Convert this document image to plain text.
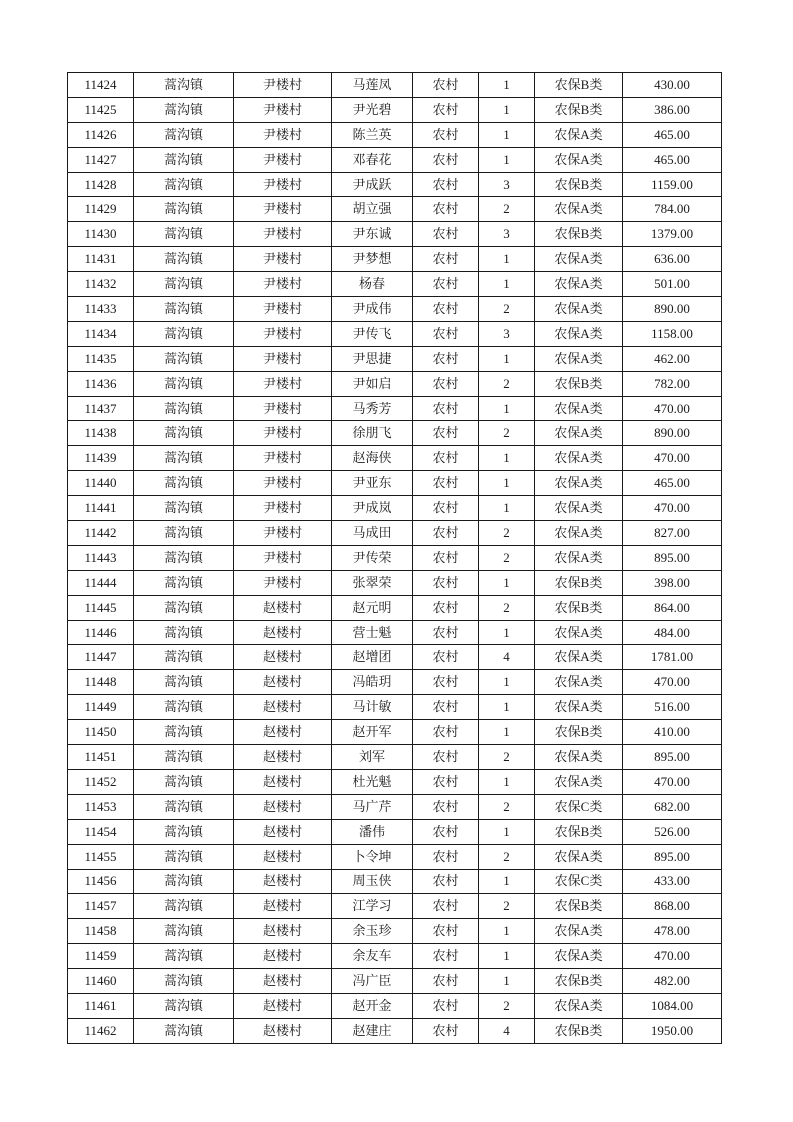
11424	蒿沟镇	尹楼村	马莲凤	农村	1	农保B类	430.00
11425	蒿沟镇	尹楼村	尹光碧	农村	1	农保B类	386.00
11426	蒿沟镇	尹楼村	陈兰英	农村	1	农保A类	465.00
11427	蒿沟镇	尹楼村	邓春花	农村	1	农保A类	465.00
11428	蒿沟镇	尹楼村	尹成跃	农村	3	农保B类	1159.00
11429	蒿沟镇	尹楼村	胡立强	农村	2	农保A类	784.00
11430	蒿沟镇	尹楼村	尹东诚	农村	3	农保B类	1379.00
11431	蒿沟镇	尹楼村	尹梦想	农村	1	农保A类	636.00
11432	蒿沟镇	尹楼村	杨春	农村	1	农保A类	501.00
11433	蒿沟镇	尹楼村	尹成伟	农村	2	农保A类	890.00
11434	蒿沟镇	尹楼村	尹传飞	农村	3	农保A类	1158.00
11435	蒿沟镇	尹楼村	尹思捷	农村	1	农保A类	462.00
11436	蒿沟镇	尹楼村	尹如启	农村	2	农保B类	782.00
11437	蒿沟镇	尹楼村	马秀芳	农村	1	农保A类	470.00
11438	蒿沟镇	尹楼村	徐朋飞	农村	2	农保A类	890.00
11439	蒿沟镇	尹楼村	赵海侠	农村	1	农保A类	470.00
11440	蒿沟镇	尹楼村	尹亚东	农村	1	农保A类	465.00
11441	蒿沟镇	尹楼村	尹成岚	农村	1	农保A类	470.00
11442	蒿沟镇	尹楼村	马成田	农村	2	农保A类	827.00
11443	蒿沟镇	尹楼村	尹传荣	农村	2	农保A类	895.00
11444	蒿沟镇	尹楼村	张翠荣	农村	1	农保B类	398.00
11445	蒿沟镇	赵楼村	赵元明	农村	2	农保B类	864.00
11446	蒿沟镇	赵楼村	营士魁	农村	1	农保A类	484.00
11447	蒿沟镇	赵楼村	赵增团	农村	4	农保A类	1781.00
11448	蒿沟镇	赵楼村	冯皓玥	农村	1	农保A类	470.00
11449	蒿沟镇	赵楼村	马计敏	农村	1	农保A类	516.00
11450	蒿沟镇	赵楼村	赵开军	农村	1	农保B类	410.00
11451	蒿沟镇	赵楼村	刘军	农村	2	农保A类	895.00
11452	蒿沟镇	赵楼村	杜光魁	农村	1	农保A类	470.00
11453	蒿沟镇	赵楼村	马广芹	农村	2	农保C类	682.00
11454	蒿沟镇	赵楼村	潘伟	农村	1	农保B类	526.00
11455	蒿沟镇	赵楼村	卜令坤	农村	2	农保A类	895.00
11456	蒿沟镇	赵楼村	周玉侠	农村	1	农保C类	433.00
11457	蒿沟镇	赵楼村	江学习	农村	2	农保B类	868.00
11458	蒿沟镇	赵楼村	余玉珍	农村	1	农保A类	478.00
11459	蒿沟镇	赵楼村	余友车	农村	1	农保A类	470.00
11460	蒿沟镇	赵楼村	冯广臣	农村	1	农保B类	482.00
11461	蒿沟镇	赵楼村	赵开金	农村	2	农保A类	1084.00
11462	蒿沟镇	赵楼村	赵建庄	农村	4	农保B类	1950.00
